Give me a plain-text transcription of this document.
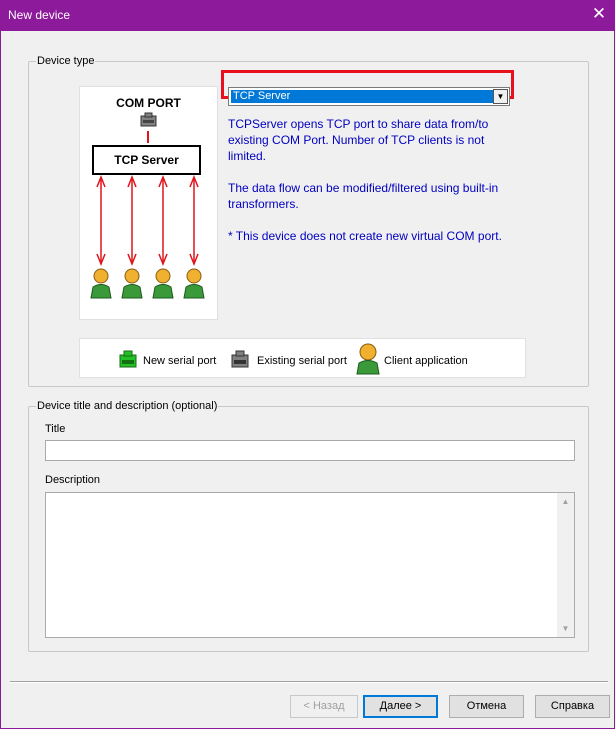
New device	✕
Device type
COM PORT
TCP Server
TCP Server	▼
TCPServer opens TCP port to share data from/to existing COM Port. Number of TCP clients is not limited.
The data flow can be modified/filtered using built-in transformers.
* This device does not create new virtual COM port.
New serial port	Existing serial port	Client application
Device title and description (optional)
Title
Description
▲
▼
< Назад	Далее >	Отмена	Справка
